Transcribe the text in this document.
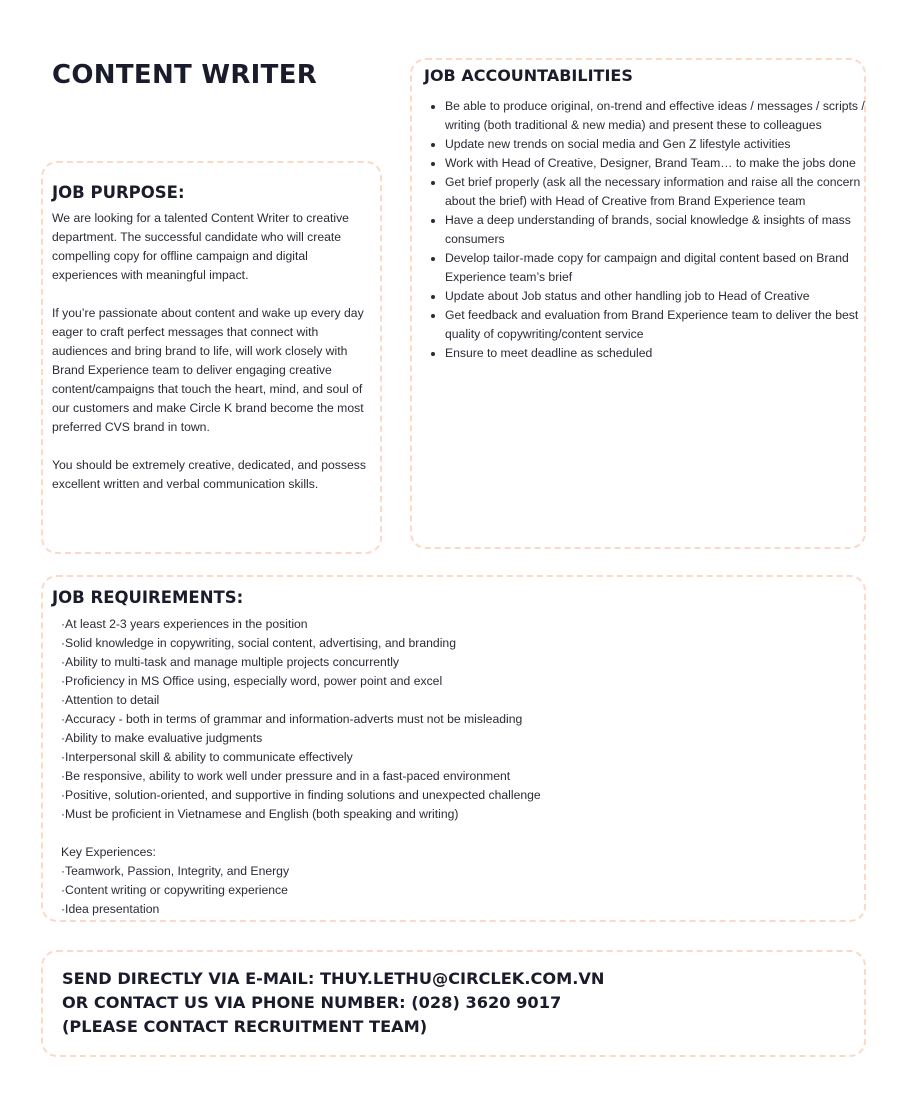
CONTENT WRITER
JOB PURPOSE:

We are looking for a talented Content Writer to creative department. The successful candidate who will create compelling copy for offline campaign and digital experiences with meaningful impact.

If you’re passionate about content and wake up every day eager to craft perfect messages that connect with audiences and bring brand to life, will work closely with Brand Experience team to deliver engaging creative content/campaigns that touch the heart, mind, and soul of our customers and make Circle K brand become the most preferred CVS brand in town.

You should be extremely creative, dedicated, and possess excellent written and verbal communication skills.

JOB ACCOUNTABILITIES
• Be able to produce original, on-trend and effective ideas / messages / scripts / writing (both traditional & new media) and present these to colleagues
• Update new trends on social media and Gen Z lifestyle activities
• Work with Head of Creative, Designer, Brand Team… to make the jobs done
• Get brief properly (ask all the necessary information and raise all the concern about the brief) with Head of Creative from Brand Experience team
• Have a deep understanding of brands, social knowledge & insights of mass consumers
• Develop tailor-made copy for campaign and digital content based on Brand Experience team’s brief
• Update about Job status and other handling job to Head of Creative
• Get feedback and evaluation from Brand Experience team to deliver the best quality of copywriting/content service
• Ensure to meet deadline as scheduled
JOB REQUIREMENTS:
·At least 2-3 years experiences in the position
·Solid knowledge in copywriting, social content, advertising, and branding
·Ability to multi-task and manage multiple projects concurrently
·Proficiency in MS Office using, especially word, power point and excel
·Attention to detail
·Accuracy - both in terms of grammar and information-adverts must not be misleading
·Ability to make evaluative judgments
·Interpersonal skill & ability to communicate effectively
·Be responsive, ability to work well under pressure and in a fast-paced environment
·Positive, solution-oriented, and supportive in finding solutions and unexpected challenge
·Must be proficient in Vietnamese and English (both speaking and writing)

Key Experiences:

·Teamwork, Passion, Integrity, and Energy
·Content writing or copywriting experience
·Idea presentation
SEND DIRECTLY VIA E-MAIL: THUY.LETHU@CIRCLEK.COM.VN
OR CONTACT US VIA PHONE NUMBER: (028) 3620 9017
(PLEASE CONTACT RECRUITMENT TEAM)
